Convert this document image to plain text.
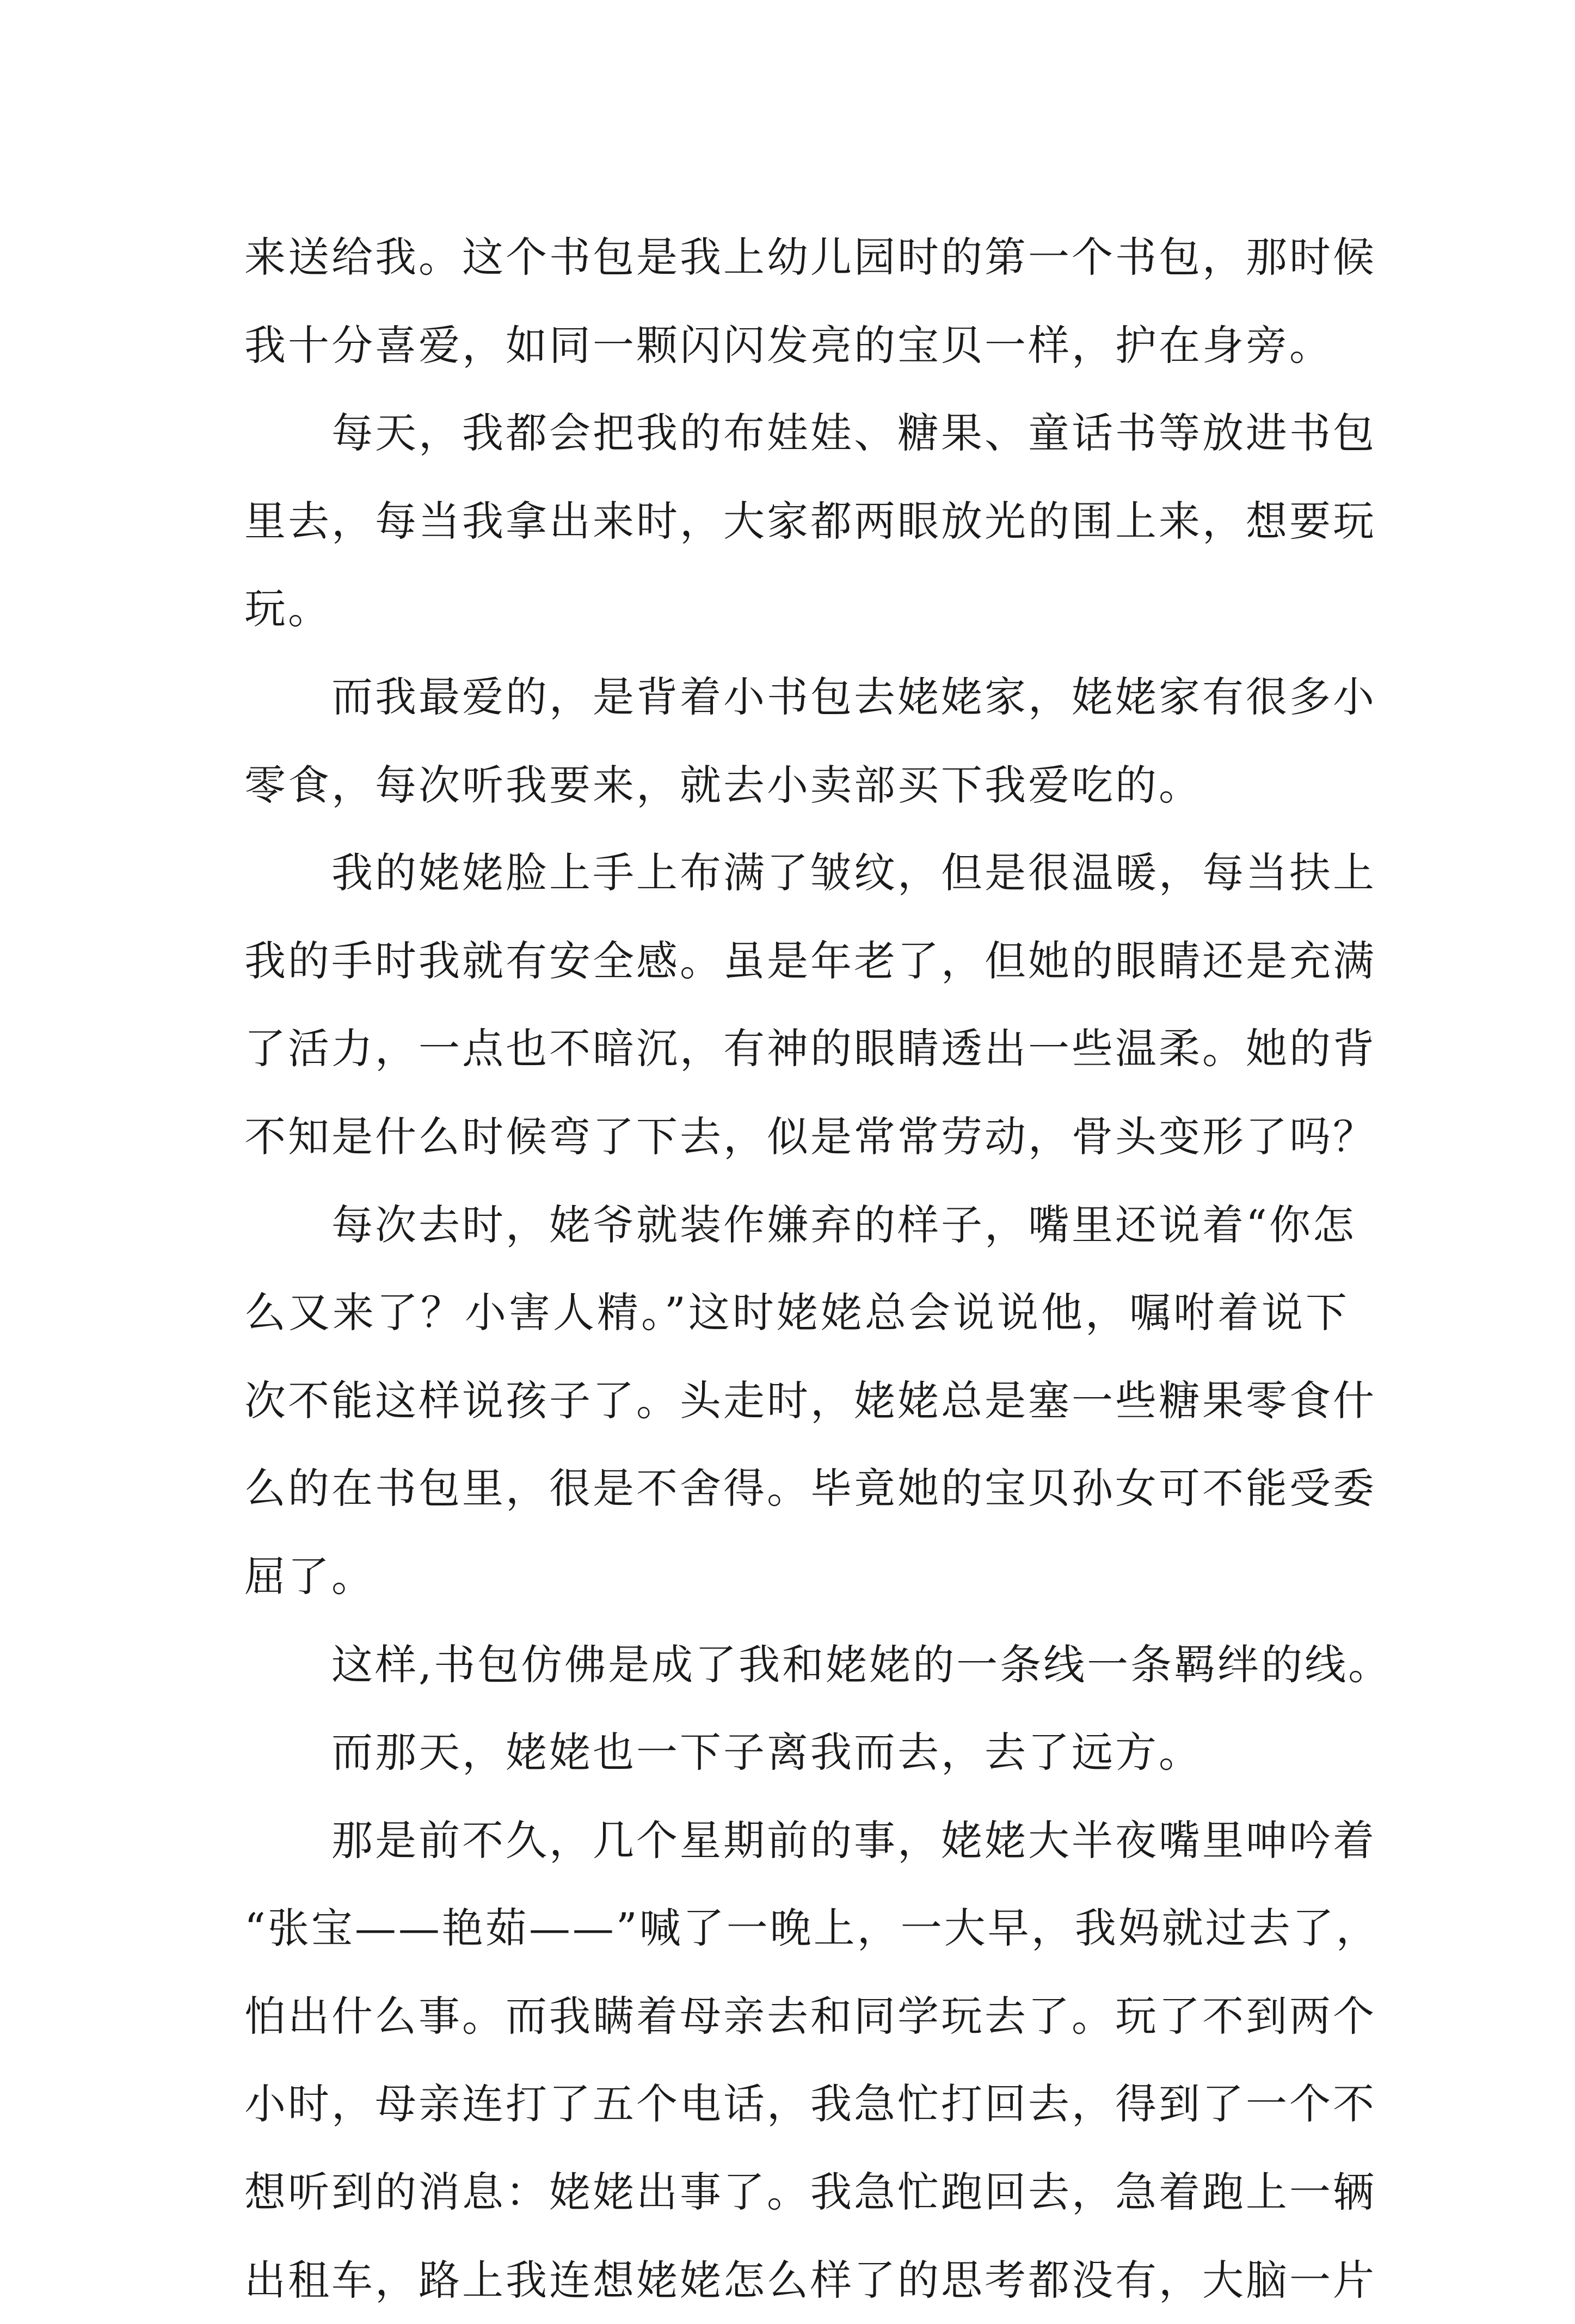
来送给我。这个书包是我上幼儿园时的第一个书包，那时候
我十分喜爱，如同一颗闪闪发亮的宝贝一样，护在身旁。
每天，我都会把我的布娃娃、糖果、童话书等放进书包
里去，每当我拿出来时，大家都两眼放光的围上来，想要玩
玩。
而我最爱的，是背着小书包去姥姥家，姥姥家有很多小
零食，每次听我要来，就去小卖部买下我爱吃的。
我的姥姥脸上手上布满了皱纹，但是很温暖，每当扶上
我的手时我就有安全感。虽是年老了，但她的眼睛还是充满
了活力，一点也不暗沉，有神的眼睛透出一些温柔。她的背
不知是什么时候弯了下去，似是常常劳动，骨头变形了吗？
每次去时，姥爷就装作嫌弃的样子，嘴里还说着“你怎
么又来了？小害人精。”这时姥姥总会说说他，嘱咐着说下
次不能这样说孩子了。头走时，姥姥总是塞一些糖果零食什
么的在书包里，很是不舍得。毕竟她的宝贝孙女可不能受委
屈了。
这样,书包仿佛是成了我和姥姥的一条线一条羁绊的线。
而那天，姥姥也一下子离我而去，去了远方。
那是前不久，几个星期前的事，姥姥大半夜嘴里呻吟着
“张宝——艳茹——”喊了一晚上，一大早，我妈就过去了，
怕出什么事。而我瞒着母亲去和同学玩去了。玩了不到两个
小时，母亲连打了五个电话，我急忙打回去，得到了一个不
想听到的消息：姥姥出事了。我急忙跑回去，急着跑上一辆
出租车，路上我连想姥姥怎么样了的思考都没有，大脑一片
